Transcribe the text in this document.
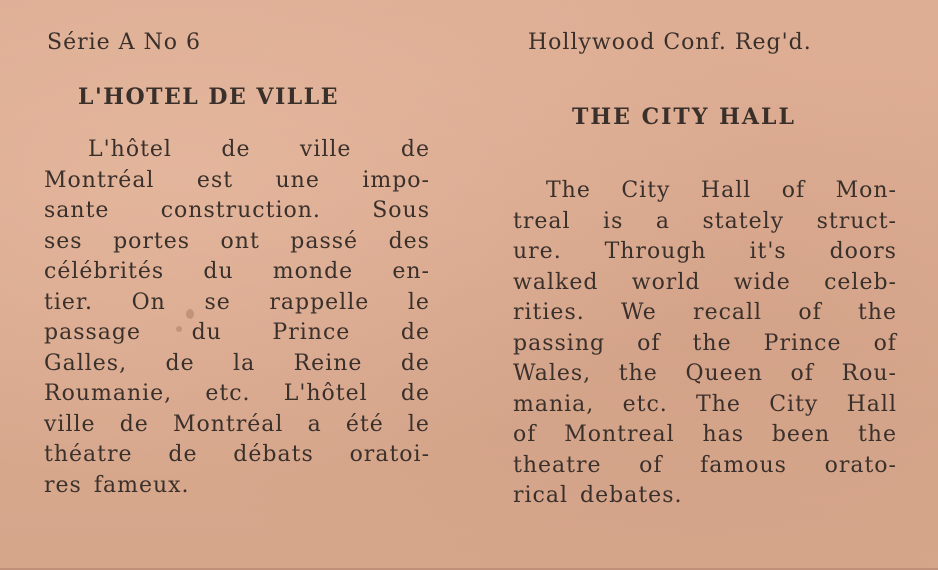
Série A No 6	Hollywood Conf. Reg'd.
L'HOTEL DE VILLE
THE CITY HALL
L'hôtel de ville de
Montréal est une impo-
sante construction. Sous
ses portes ont passé des
célébrités du monde en-
tier. On se rappelle le
passage du Prince de
Galles, de la Reine de
Roumanie, etc. L'hôtel de
ville de Montréal a été le
théatre de débats oratoi-
res fameux.
The City Hall of Mon-
treal is a stately struct-
ure. Through it's doors
walked world wide celeb-
rities. We recall of the
passing of the Prince of
Wales, the Queen of Rou-
mania, etc. The City Hall
of Montreal has been the
theatre of famous orato-
rical debates.
